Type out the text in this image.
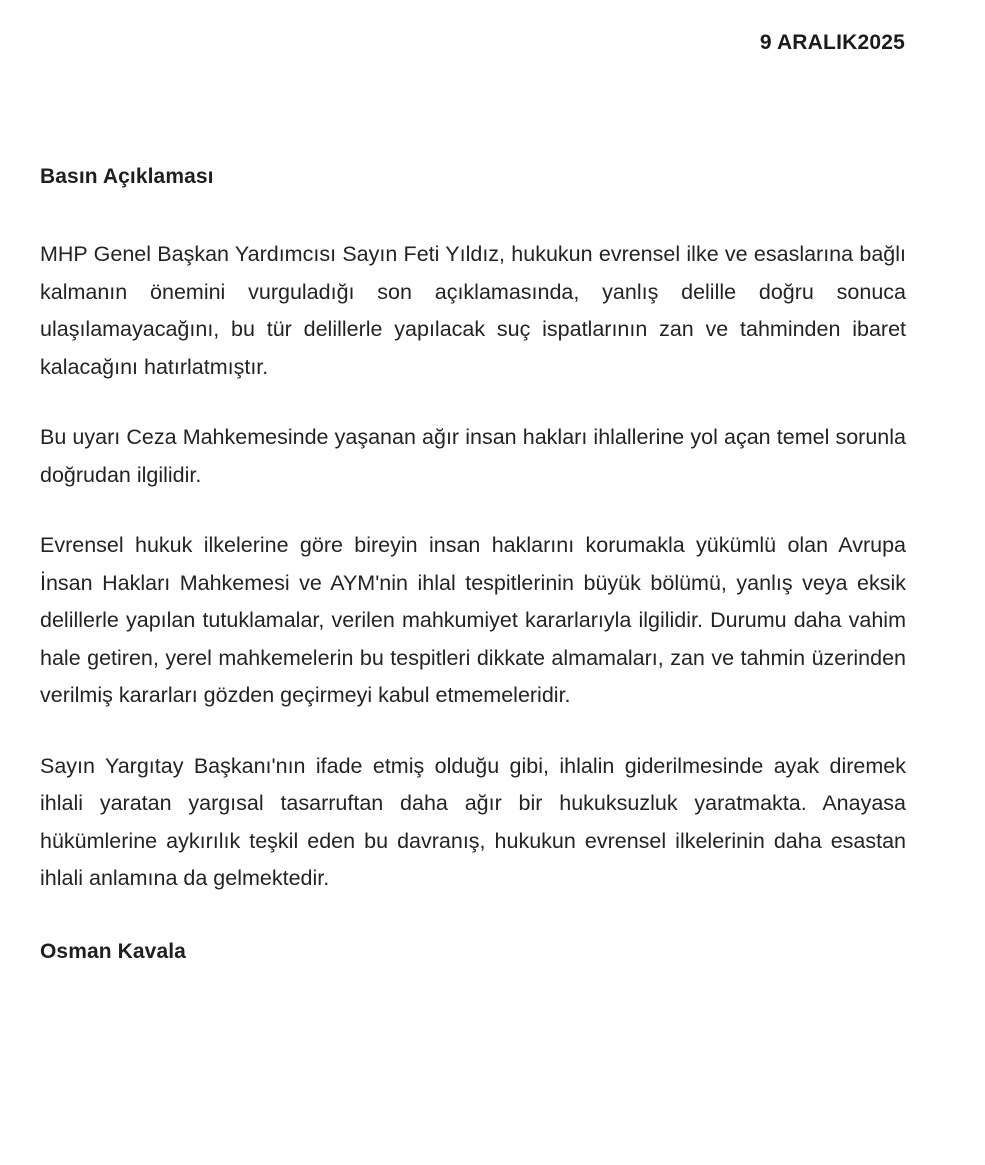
9 ARALIK2025
Basın Açıklaması

MHP Genel Başkan Yardımcısı Sayın Feti Yıldız, hukukun evrensel ilke ve esaslarına bağlı kalmanın önemini vurguladığı son açıklamasında, yanlış delille doğru sonuca ulaşılamayacağını, bu tür delillerle yapılacak suç ispatlarının zan ve tahminden ibaret kalacağını hatırlatmıştır.

Bu uyarı Ceza Mahkemesinde yaşanan ağır insan hakları ihlallerine yol açan temel sorunla doğrudan ilgilidir.

Evrensel hukuk ilkelerine göre bireyin insan haklarını korumakla yükümlü olan Avrupa İnsan Hakları Mahkemesi ve AYM'nin ihlal tespitlerinin büyük bölümü, yanlış veya eksik delillerle yapılan tutuklamalar, verilen mahkumiyet kararlarıyla ilgilidir. Durumu daha vahim hale getiren, yerel mahkemelerin bu tespitleri dikkate almamaları, zan ve tahmin üzerinden verilmiş kararları gözden geçirmeyi kabul etmemeleridir.

Sayın Yargıtay Başkanı'nın ifade etmiş olduğu gibi, ihlalin giderilmesinde ayak diremek ihlali yaratan yargısal tasarruftan daha ağır bir hukuksuzluk yaratmakta. Anayasa hükümlerine aykırılık teşkil eden bu davranış, hukukun evrensel ilkelerinin daha esastan ihlali anlamına da gelmektedir.

Osman Kavala
